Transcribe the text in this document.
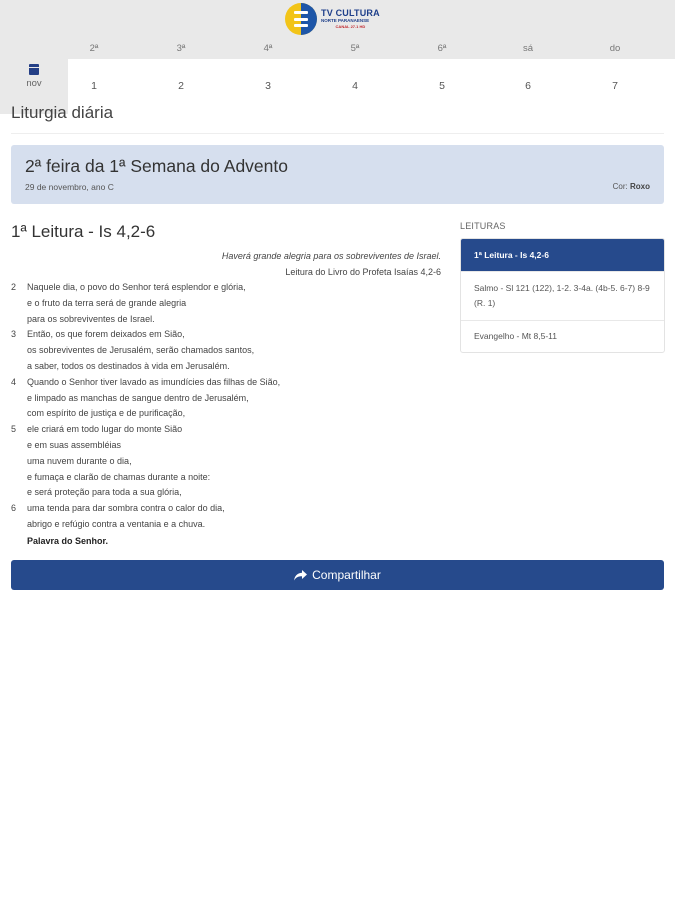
TV CULTURA
NORTE PARANAENSE
CANAL 27.1 HD
2ª	3ª	4ª	5ª	6ª	sá	do
1	2	3	4	5	6	7
nov
Liturgia diária
2ª feira da 1ª Semana do Advento
29 de novembro, ano C	Cor: Roxo
1ª Leitura - Is 4,2-6
Haverá grande alegria para os sobreviventes de Israel.
Leitura do Livro do Profeta Isaías 4,2-6
2	Naquele dia, o povo do Senhor terá esplendor e glória,
e o fruto da terra será de grande alegria
para os sobreviventes de Israel.
3	Então, os que forem deixados em Sião,
os sobreviventes de Jerusalém, serão chamados santos,
a saber, todos os destinados à vida em Jerusalém.
4	Quando o Senhor tiver lavado as imundícies das filhas de Sião,
e limpado as manchas de sangue dentro de Jerusalém,
com espírito de justiça e de purificação,
5	ele criará em todo lugar do monte Sião
e em suas assembléias
uma nuvem durante o dia,
e fumaça e clarão de chamas durante a noite:
e será proteção para toda a sua glória,
6	uma tenda para dar sombra contra o calor do dia,
abrigo e refúgio contra a ventania e a chuva.
Palavra do Senhor.
LEITURAS
1ª Leitura - Is 4,2-6
Salmo - Sl 121 (122), 1-2. 3-4a. (4b-5. 6-7) 8-9 (R. 1)
Evangelho - Mt 8,5-11
Compartilhar
